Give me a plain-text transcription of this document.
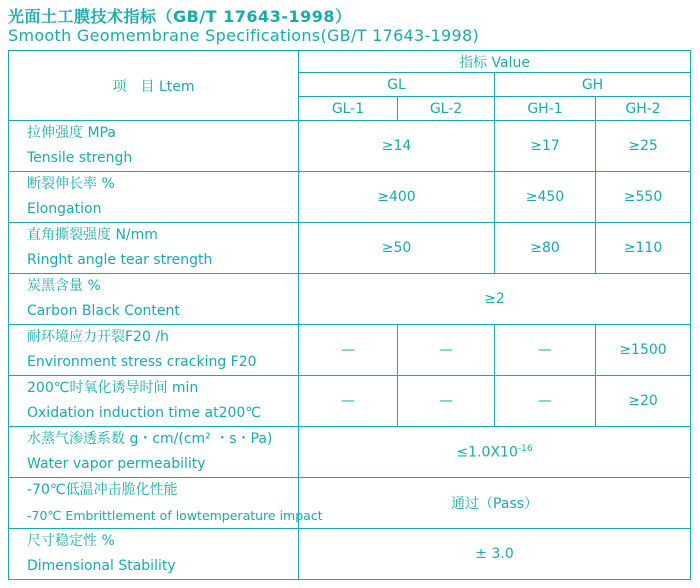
光面土工膜技术指标（GB/T 17643-1998）
Smooth Geomembrane Specifications(GB/T 17643-1998)
项　目 Ltem	指标 Value			
	GL		GH	
	GL-1	GL-2	GH-1	GH-2

拉伸强度 MPa
Tensile strengh	≥14		≥17	≥25

断裂伸长率 %
Elongation	≥400		≥450	≥550

直角撕裂强度 N/mm
Ringht angle tear strength	≥50		≥80	≥110

炭黑含量 %
Carbon Black Content	≥2			

耐环境应力开裂F20 /h
Environment stress cracking F20	—	—	—	≥1500

200℃时氧化诱导时间 min
Oxidation induction time at200℃	—	—	—	≥20

水蒸气渗透系数 g・cm/(cm² ・s・Pa)
Water vapor permeability	$\le 1.0X10^{-16}$

-70℃低温冲击脆化性能
-70℃ Embrittlement of lowtemperature impact	通过（Pass）			

尺寸稳定性 %
Dimensional Stability	± 3.0			
